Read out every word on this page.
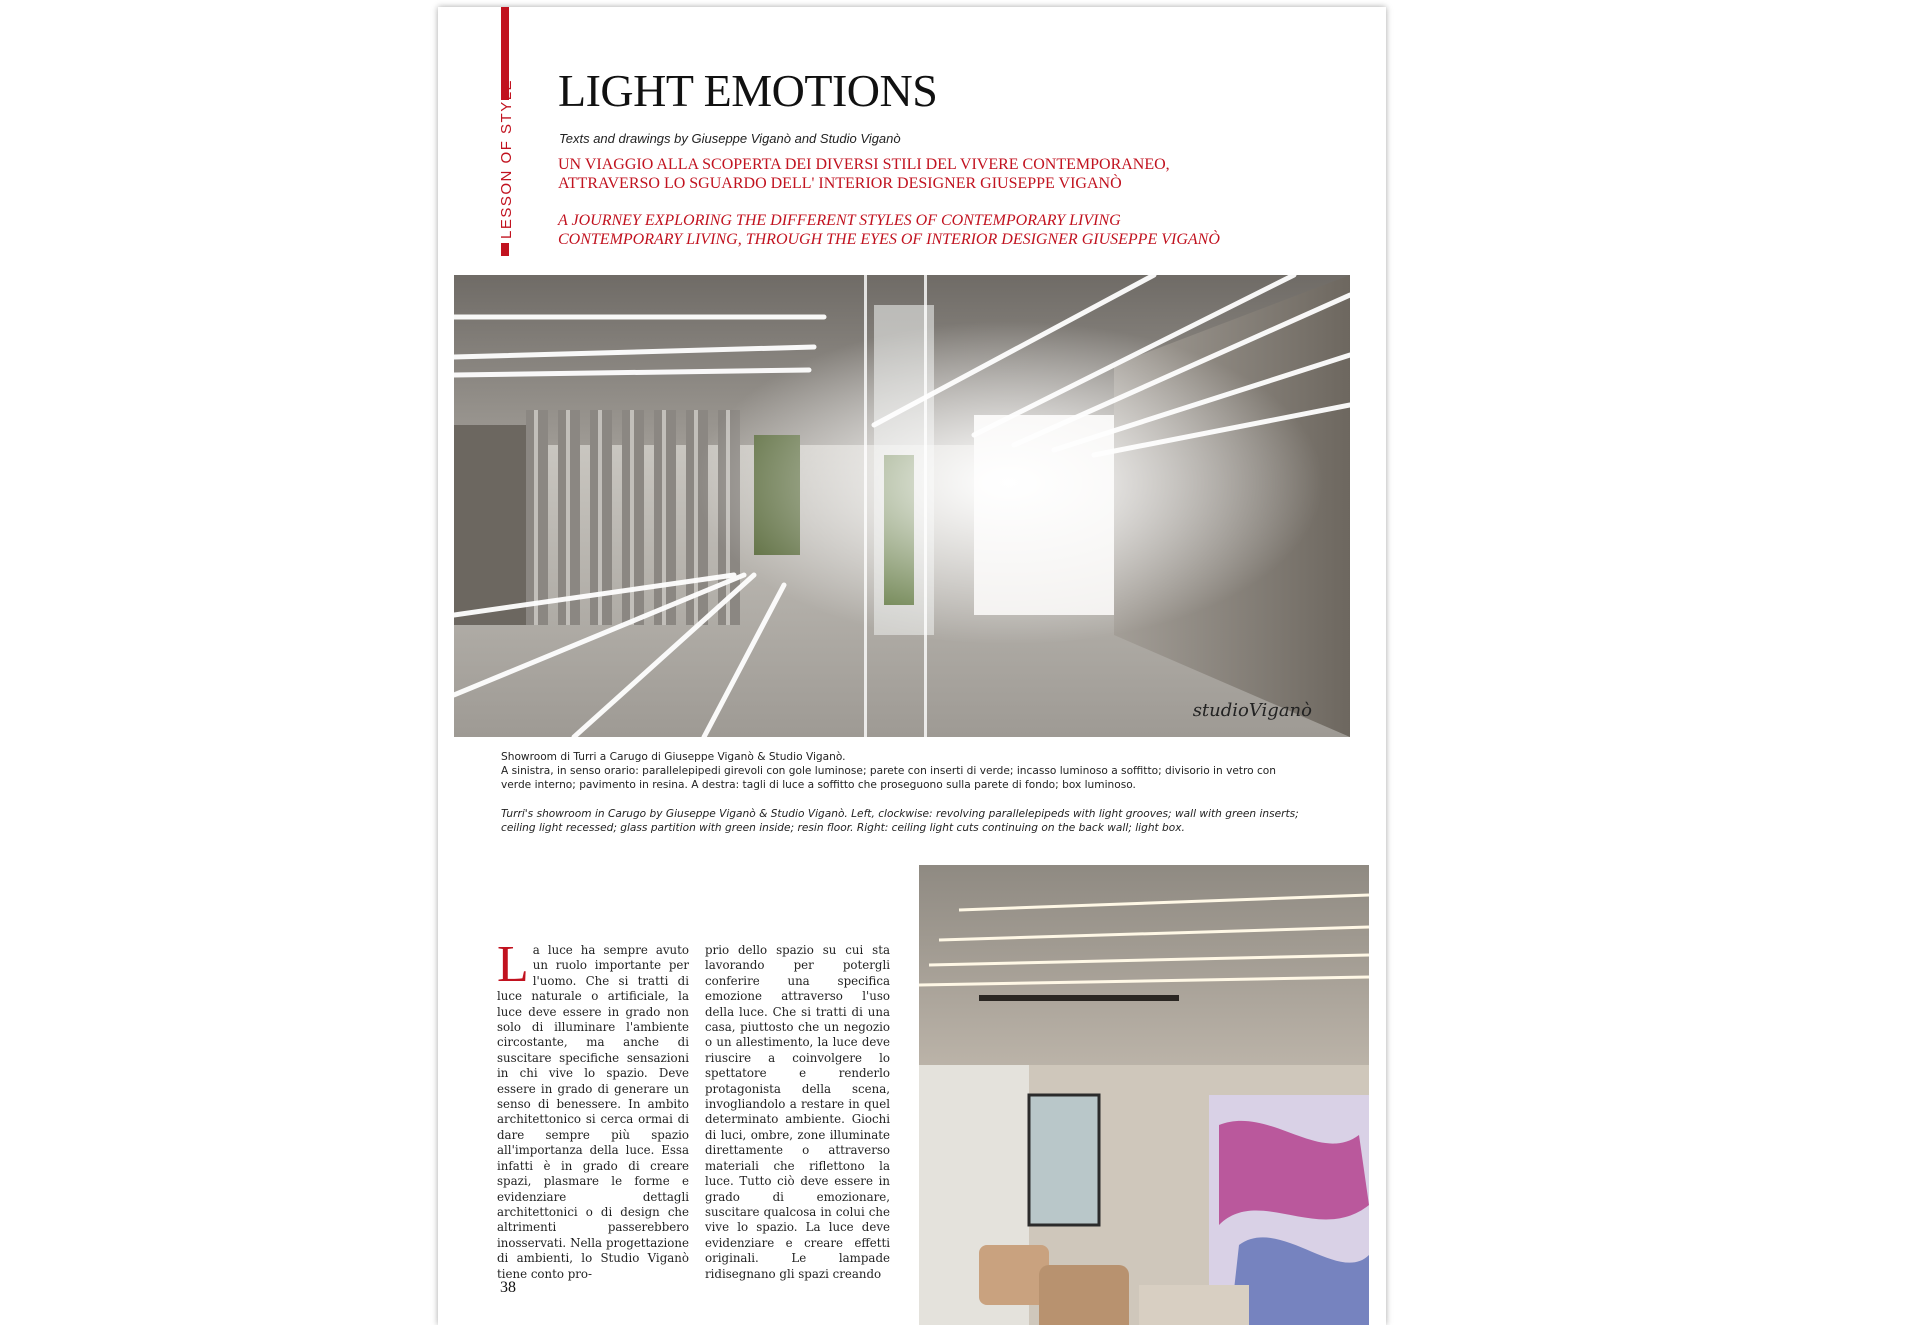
LESSON OF STYLE LIGHT EMOTIONS
Texts and drawings by Giuseppe Viganò and Studio Viganò
UN VIAGGIO ALLA SCOPERTA DEI DIVERSI STILI DEL VIVERE CONTEMPORANEO,
ATTRAVERSO LO SGUARDO DELL' INTERIOR DESIGNER GIUSEPPE VIGANÒ
A JOURNEY EXPLORING THE DIFFERENT STYLES OF CONTEMPORARY LIVING
CONTEMPORARY LIVING, THROUGH THE EYES OF INTERIOR DESIGNER GIUSEPPE VIGANÒ
studioViganò
Showroom di Turri a Carugo di Giuseppe Viganò & Studio Viganò.
A sinistra, in senso orario: parallelepipedi girevoli con gole luminose; parete con inserti di verde; incasso luminoso a soffitto; divisorio in vetro con verde interno; pavimento in resina. A destra: tagli di luce a soffitto che proseguono sulla parete di fondo; box luminoso.
Turri's showroom in Carugo by Giuseppe Viganò & Studio Viganò. Left, clockwise: revolving parallelepipeds with light grooves; wall with green inserts; ceiling light recessed; glass partition with green inside; resin floor. Right: ceiling light cuts continuing on the back wall; light box.
La luce ha sempre avuto un ruolo importante per l'uomo. Che si tratti di luce naturale o artificiale, la luce deve essere in grado non solo di illuminare l'ambiente circostante, ma anche di suscitare specifiche sensazioni in chi vive lo spazio. Deve essere in grado di generare un senso di benessere. In ambito architettonico si cerca ormai di dare sempre più spazio all'importanza della luce. Essa infatti è in grado di creare spazi, plasmare le forme e evidenziare dettagli architettonici o di design che altrimenti passerebbero inosservati. Nella progettazione di ambienti, lo Studio Viganò tiene conto pro-
prio dello spazio su cui sta lavorando per potergli conferire una specifica emozione attraverso l'uso della luce. Che si tratti di una casa, piuttosto che un negozio o un allestimento, la luce deve riuscire a coinvolgere lo spettatore e renderlo protagonista della scena, invogliandolo a restare in quel determinato ambiente. Giochi di luci, ombre, zone illuminate direttamente o attraverso materiali che riflettono la luce. Tutto ciò deve essere in grado di emozionare, suscitare qualcosa in colui che vive lo spazio. La luce deve evidenziare e creare effetti originali. Le lampade ridisegnano gli spazi creando
38
